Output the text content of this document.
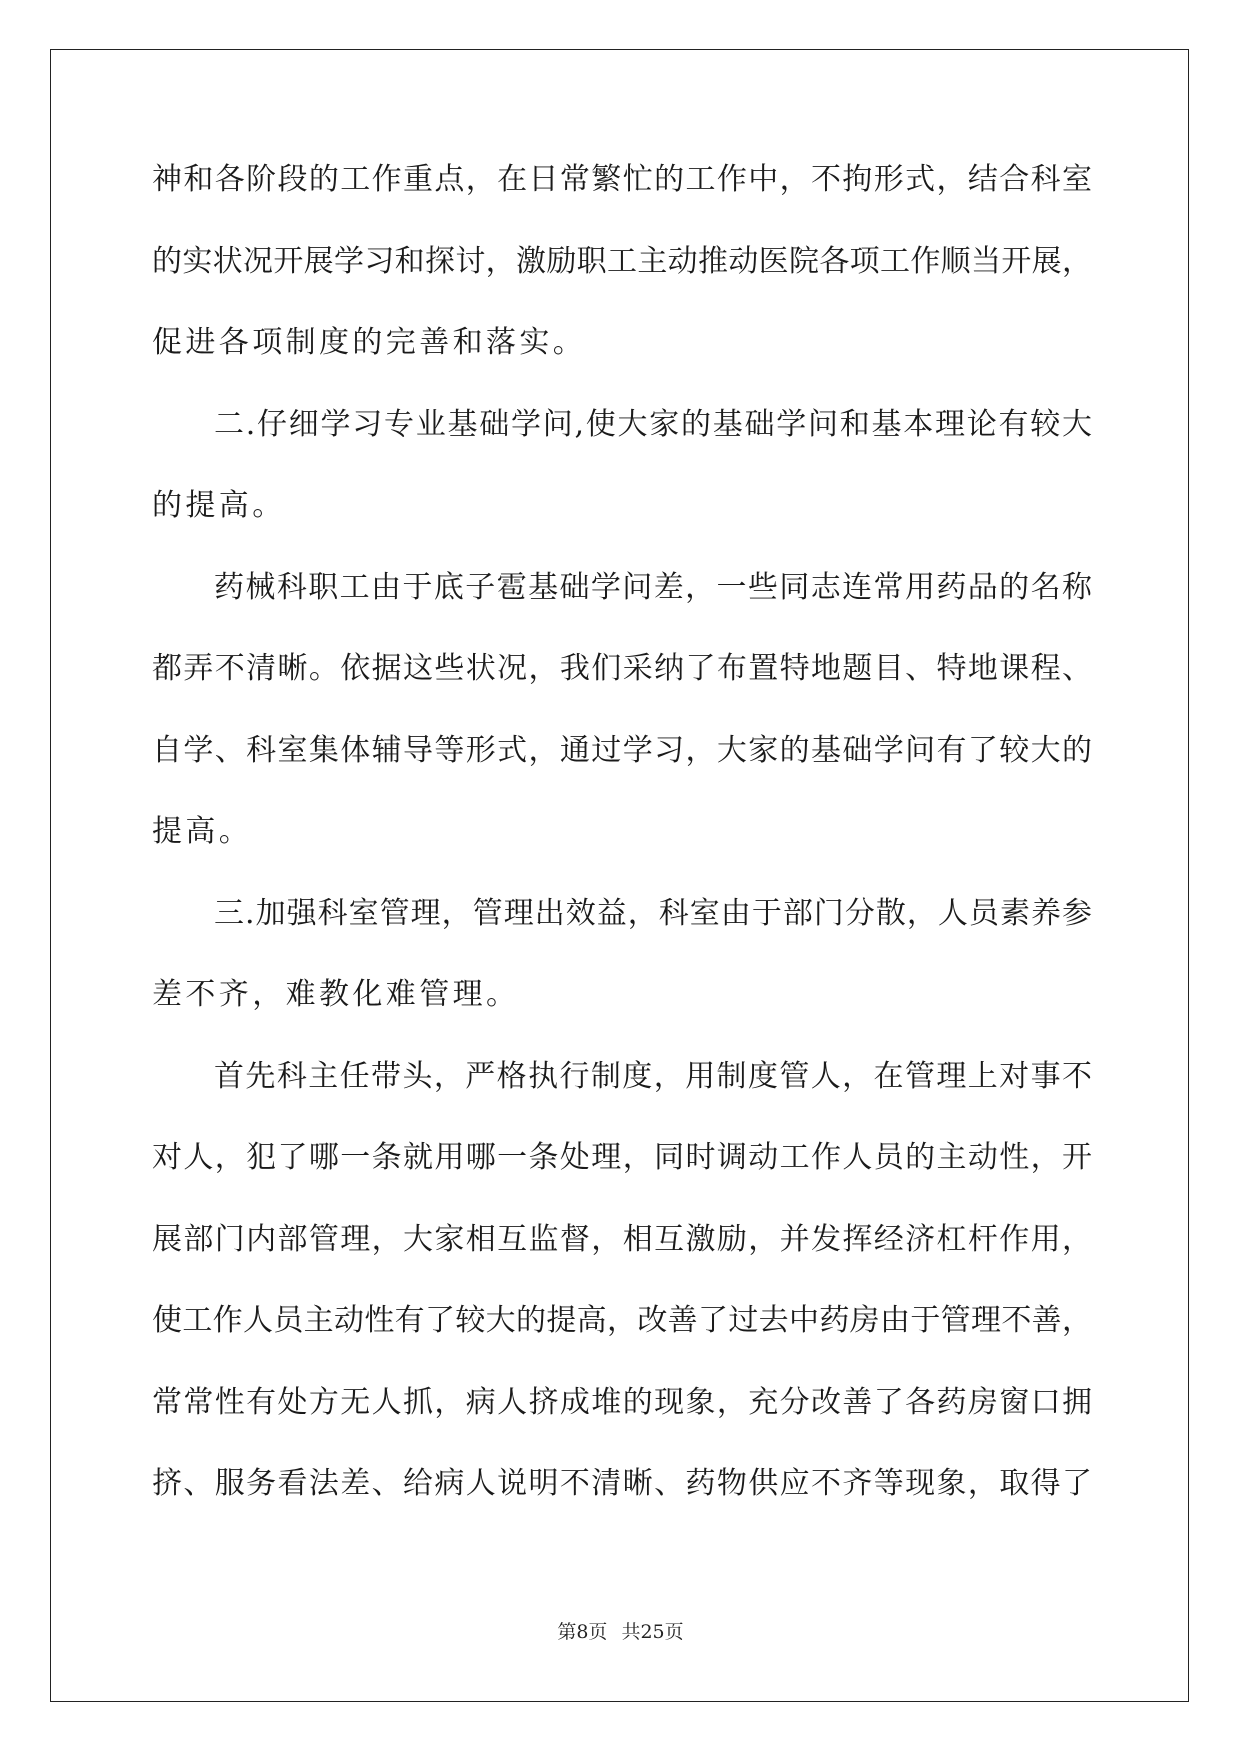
神和各阶段的工作重点，在日常繁忙的工作中，不拘形式，结合科室
的实状况开展学习和探讨，激励职工主动推动医院各项工作顺当开展，
促进各项制度的完善和落实。
二.仔细学习专业基础学问,使大家的基础学问和基本理论有较大
的提高。
药械科职工由于底子雹基础学问差，一些同志连常用药品的名称
都弄不清晰。依据这些状况，我们采纳了布置特地题目、特地课程、
自学、科室集体辅导等形式，通过学习，大家的基础学问有了较大的
提高。
三.加强科室管理，管理出效益，科室由于部门分散，人员素养参
差不齐，难教化难管理。
首先科主任带头，严格执行制度，用制度管人，在管理上对事不
对人，犯了哪一条就用哪一条处理，同时调动工作人员的主动性，开
展部门内部管理，大家相互监督，相互激励，并发挥经济杠杆作用，
使工作人员主动性有了较大的提高，改善了过去中药房由于管理不善，
常常性有处方无人抓，病人挤成堆的现象，充分改善了各药房窗口拥
挤、服务看法差、给病人说明不清晰、药物供应不齐等现象，取得了
第8页 共25页
